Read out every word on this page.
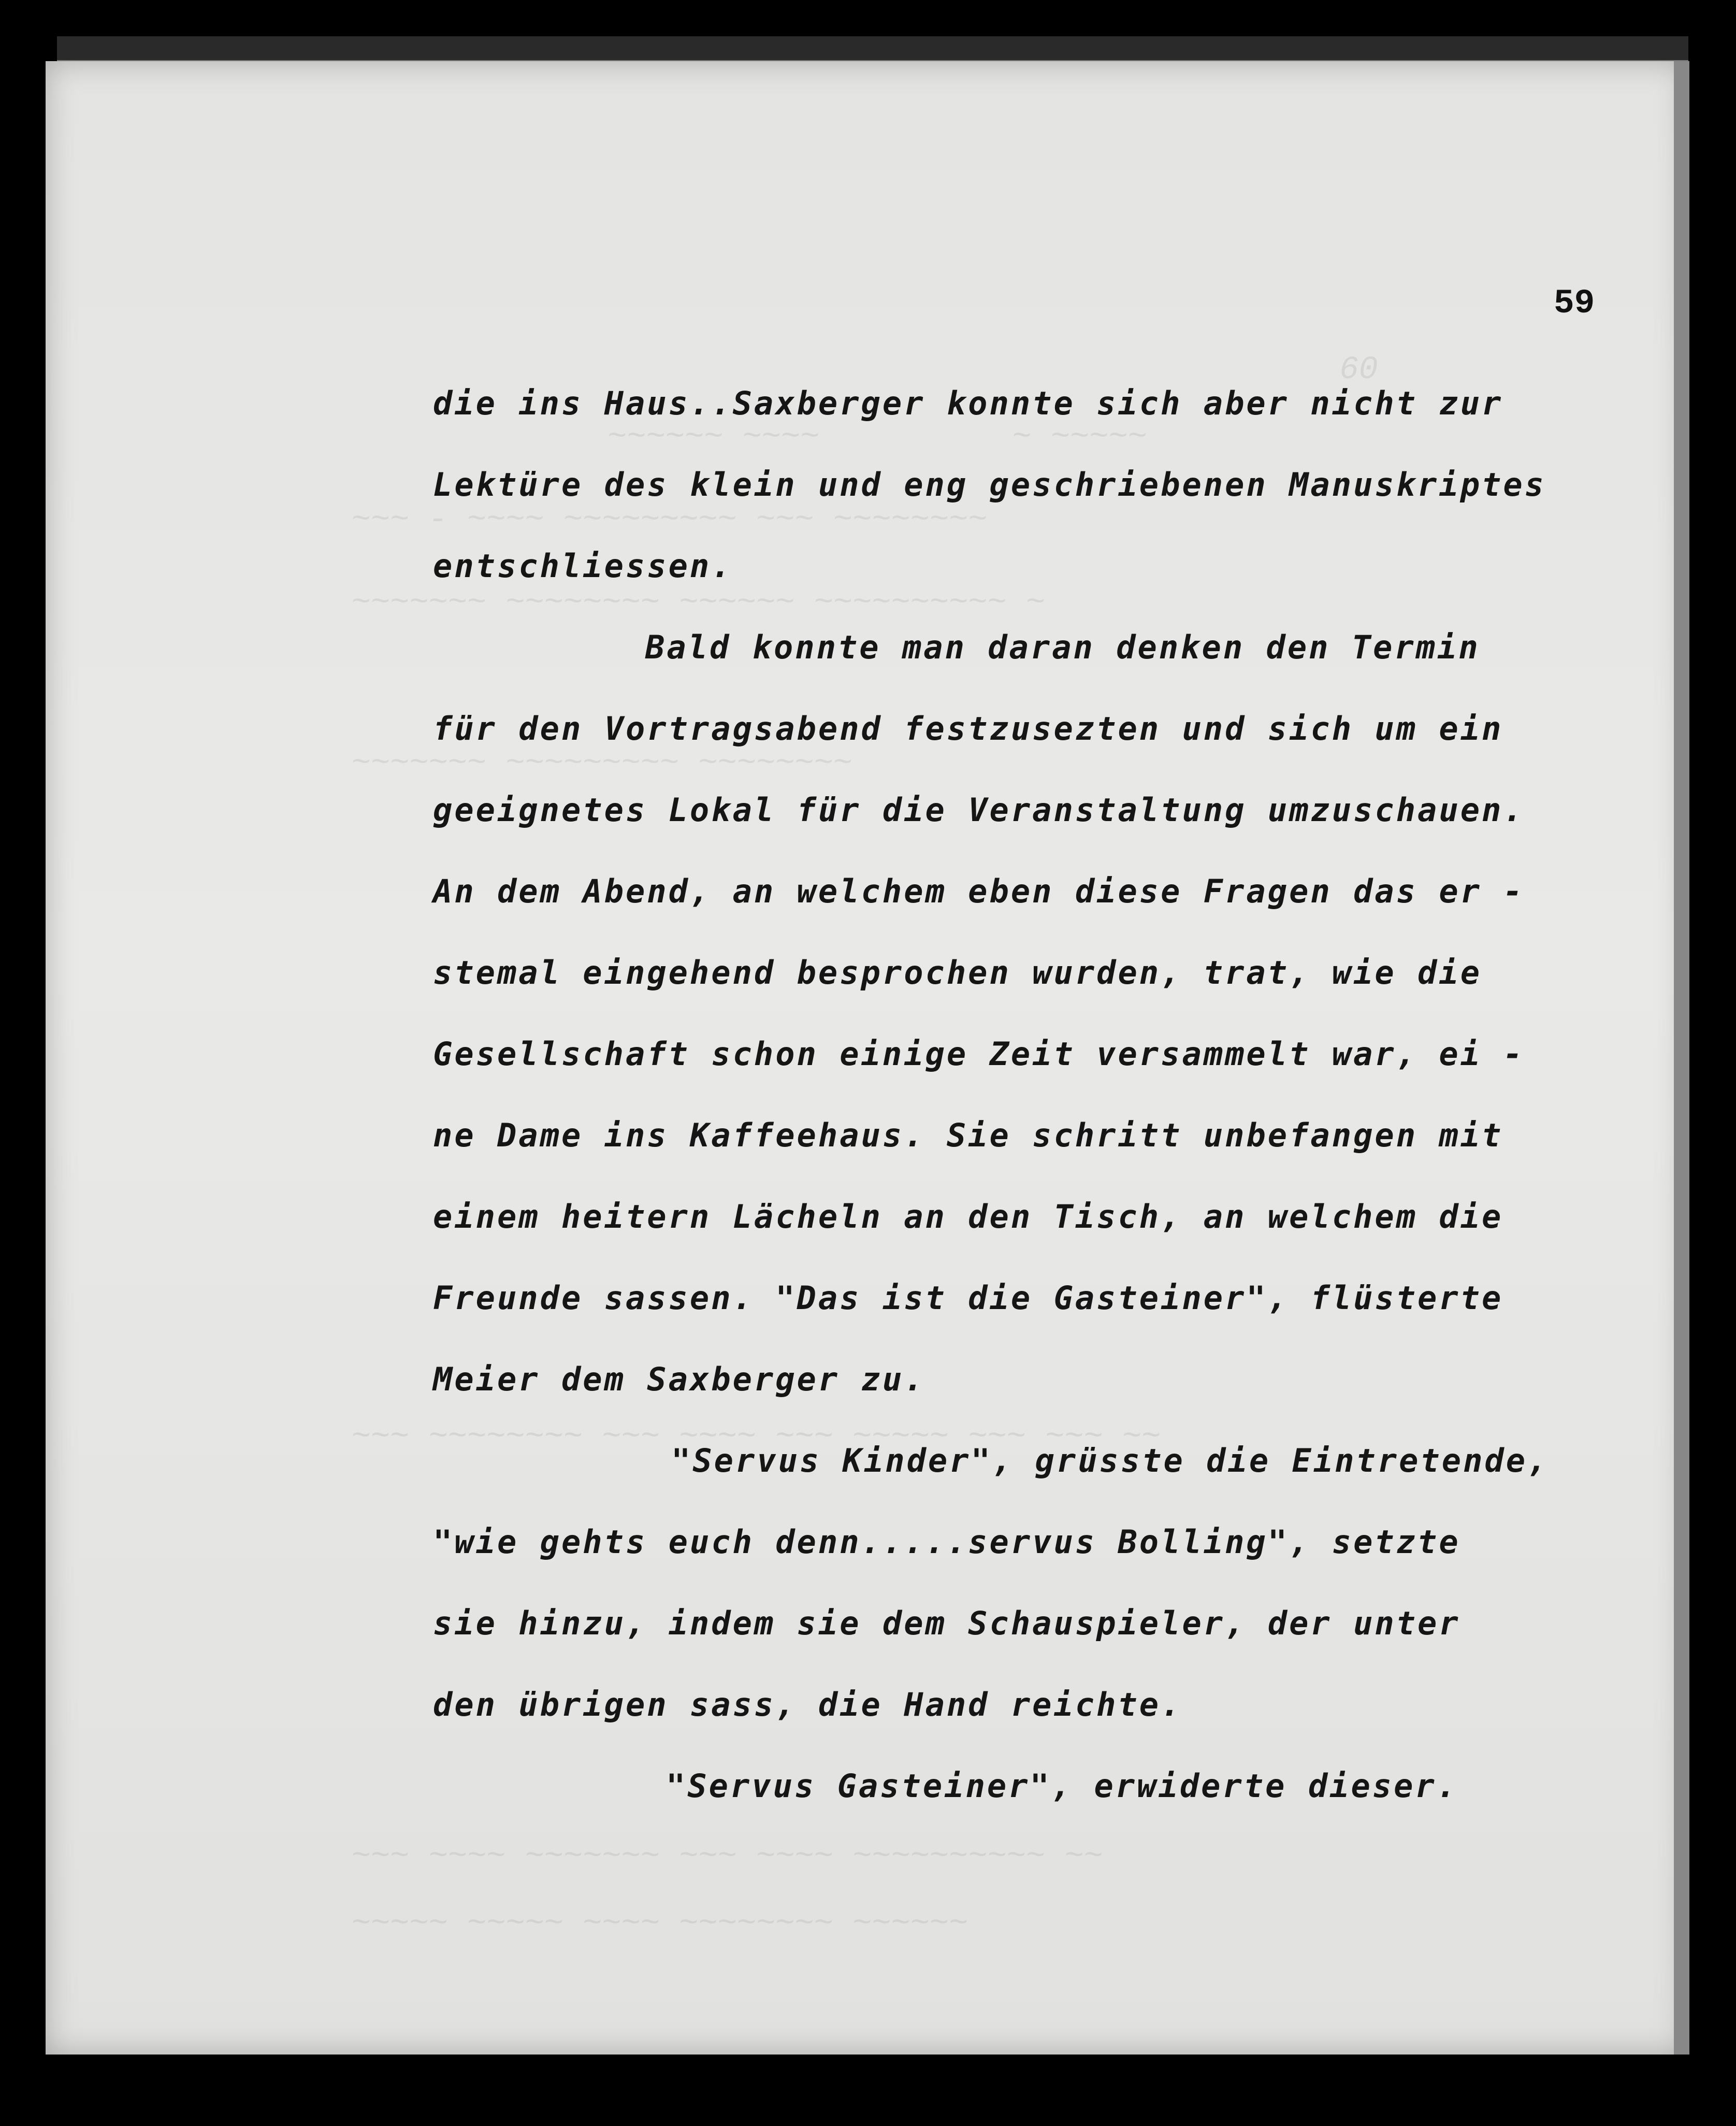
60
~~~~~~ ~~~~          ~ ~~~~~
~~~ - ~~~~ ~~~~~~~~~ ~~~ ~~~~~~~~
~~~~~~~ ~~~~~~~~ ~~~~~~ ~~~~~~~~~~ ~
~~~~~~~ ~~~~~~~~~ ~~~~~~~~
~~~ ~~~~~~~~ ~~~ ~~~~ ~~~ ~~~~~ ~~~ ~~~ ~~
~~~ ~~~~ ~~~~~~~ ~~~ ~~~~ ~~~~~~~~~~ ~~
~~~~~ ~~~~~ ~~~~ ~~~~~~~~ ~~~~~~
59
die ins Haus..Saxberger konnte sich aber nicht zur
Lektüre des klein und eng geschriebenen Manuskriptes
entschliessen.
Bald konnte man daran denken den Termin
für den Vortragsabend festzusezten und sich um ein
geeignetes Lokal für die Veranstaltung umzuschauen.
An dem Abend, an welchem eben diese Fragen das er -
stemal eingehend besprochen wurden, trat, wie die
Gesellschaft schon einige Zeit versammelt war, ei -
ne Dame ins Kaffeehaus. Sie schritt unbefangen mit
einem heitern Lächeln an den Tisch, an welchem die
Freunde sassen. "Das ist die Gasteiner", flüsterte
Meier dem Saxberger zu.
"Servus Kinder", grüsste die Eintretende,
"wie gehts euch denn.....servus Bolling", setzte
sie hinzu, indem sie dem Schauspieler, der unter
den übrigen sass, die Hand reichte.
"Servus Gasteiner", erwiderte dieser.
